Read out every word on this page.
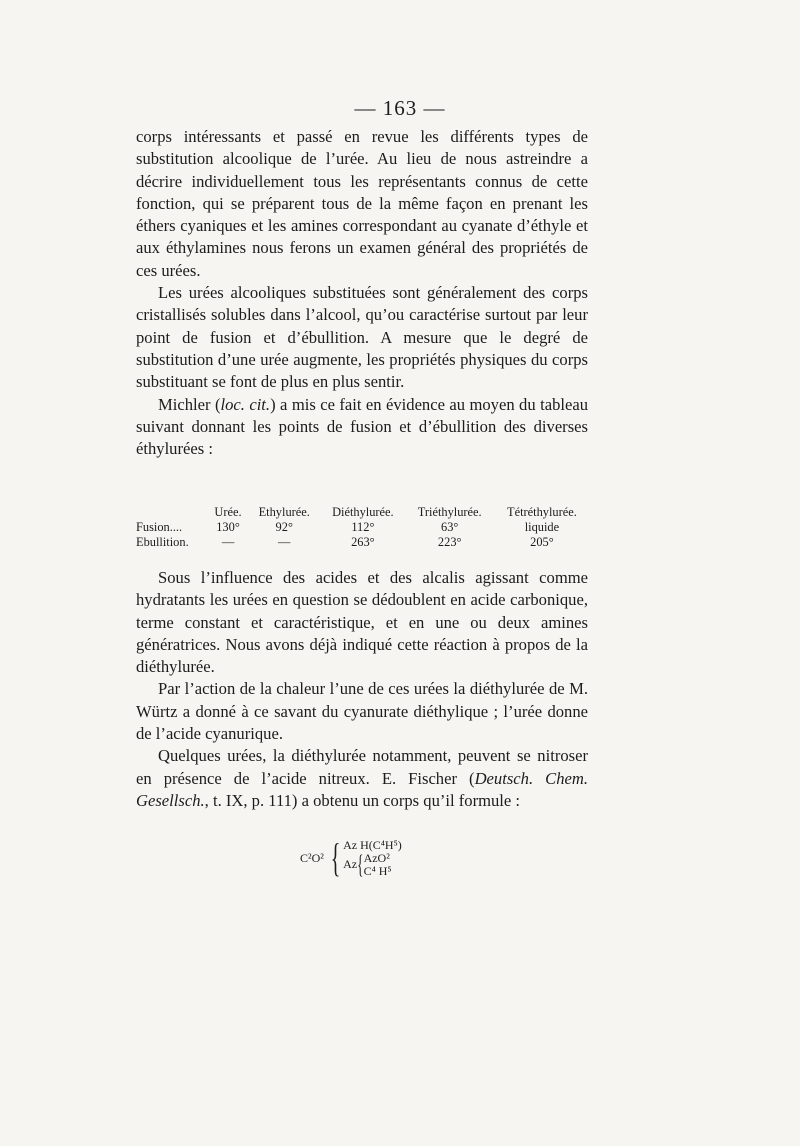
— 163 —

corps intéressants et passé en revue les différents types de substitution alcoolique de l’urée. Au lieu de nous astreindre a décrire individuellement tous les représentants connus de cette fonction, qui se préparent tous de la même façon en prenant les éthers cyaniques et les amines correspondant au cyanate d’éthyle et aux éthylamines nous ferons un examen général des propriétés de ces urées.

Les urées alcooliques substituées sont généralement des corps cristallisés solubles dans l’alcool, qu’ou caractérise surtout par leur point de fusion et d’ébullition. A mesure que le degré de substitution d’une urée augmente, les propriétés physiques du corps substituant se font de plus en plus sentir.

Michler (loc. cit.) a mis ce fait en évidence au moyen du tableau suivant donnant les points de fusion et d’ébullition des diverses éthylurées :

	Urée.	Ethylurée.	Diéthylurée.	Triéthylurée.	Tétréthylurée.
Fusion....	130°	92°	112°	63°	liquide
Ebullition.	—	—	263°	223°	205°

Sous l’influence des acides et des alcalis agissant comme hydratants les urées en question se dédoublent en acide carbonique, terme constant et caractéristique, et en une ou deux amines génératrices. Nous avons déjà indiqué cette réaction à propos de la diéthylurée.

Par l’action de la chaleur l’une de ces urées la diéthylurée de M. Würtz a donné à ce savant du cyanurate diéthylique ; l’urée donne de l’acide cyanurique.

Quelques urées, la diéthylurée notamment, peuvent se nitroser en présence de l’acide nitreux. E. Fischer (Deutsch. Chem. Gesellsch., t. IX, p. 111) a obtenu un corps qu’il formule :

C²O² { Az H(C⁴H⁵)
Az { AzO²
C⁴ H⁵
